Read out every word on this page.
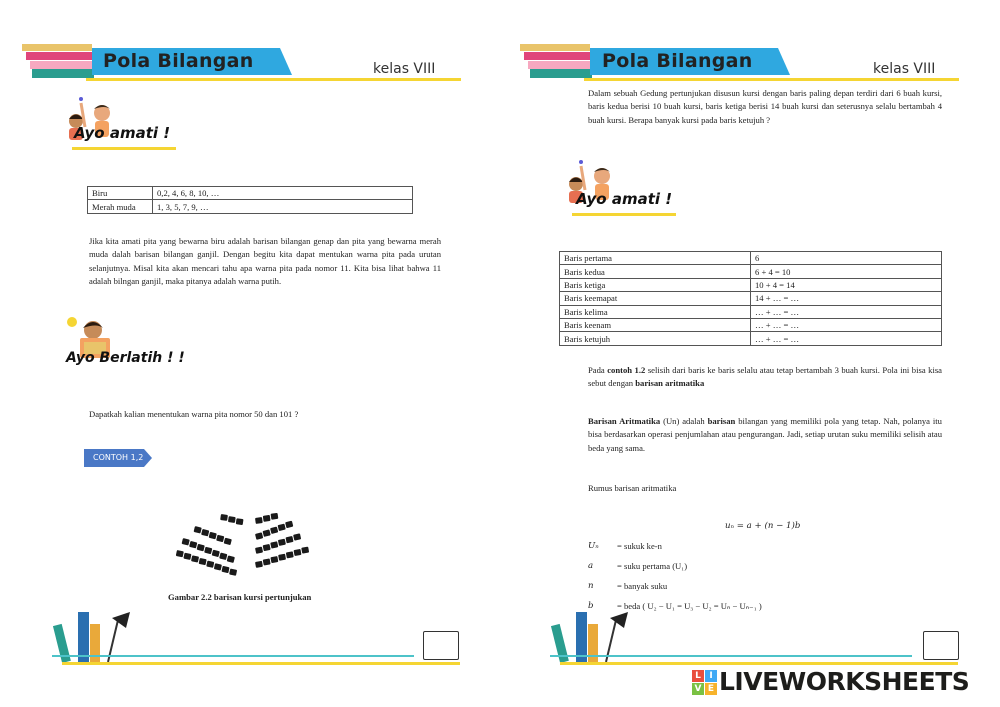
Pola Bilangan	kelas VIII
Ayo amati !
Biru	0,2, 4, 6, 8, 10, …
Merah muda	1, 3, 5, 7, 9, …
Jika kita amati pita yang bewarna biru adalah barisan bilangan genap dan pita yang bewarna merah muda dalah barisan bilangan ganjil. Dengan begitu kita dapat mentukan warna pita pada urutan selanjutnya. Misal kita akan mencari tahu apa warna pita pada nomor 11. Kita bisa lihat bahwa 11 adalah bilngan ganjil, maka pitanya adalah warna putih.
Ayo Berlatih ! !
Dapatkah kalian menentukan warna pita nomor 50 dan 101 ?
CONTOH 1,2
Gambar 2.2 barisan kursi pertunjukan
Pola Bilangan	kelas VIII
Dalam sebuah Gedung pertunjukan disusun kursi dengan baris paling depan terdiri dari 6 buah kursi, baris kedua berisi 10 buah kursi, baris ketiga berisi 14 buah kursi dan seterusnya selalu bertambah 4 buah kursi. Berapa banyak kursi pada baris ketujuh ?
Ayo amati !
Baris pertama	6
Baris kedua	6 + 4 = 10
Baris ketiga	10 + 4 = 14
Baris keemapat	14 + … = …
Baris kelima	… + … = …
Baris keenam	… + … = …
Baris ketujuh	… + … = …
Pada contoh 1.2 selisih dari baris ke baris selalu atau tetap bertambah 3 buah kursi. Pola ini bisa kisa sebut dengan barisan aritmatika
Barisan Aritmatika (Un) adalah barisan bilangan yang memiliki pola yang tetap. Nah, polanya itu bisa berdasarkan operasi penjumlahan atau pengurangan. Jadi, setiap urutan suku memiliki selisih atau beda yang sama.
Rumus barisan aritmatika
uₙ = a + (n − 1)b
Uₙ = sukuk ke-n
a	= suku pertama (U₁)
n	= banyak suku
b	= beda ( U₂ − U₁ = U₃ − U₂ = Uₙ − Uₙ₋₁ )
L I
V E LIVEWORKSHEETS
